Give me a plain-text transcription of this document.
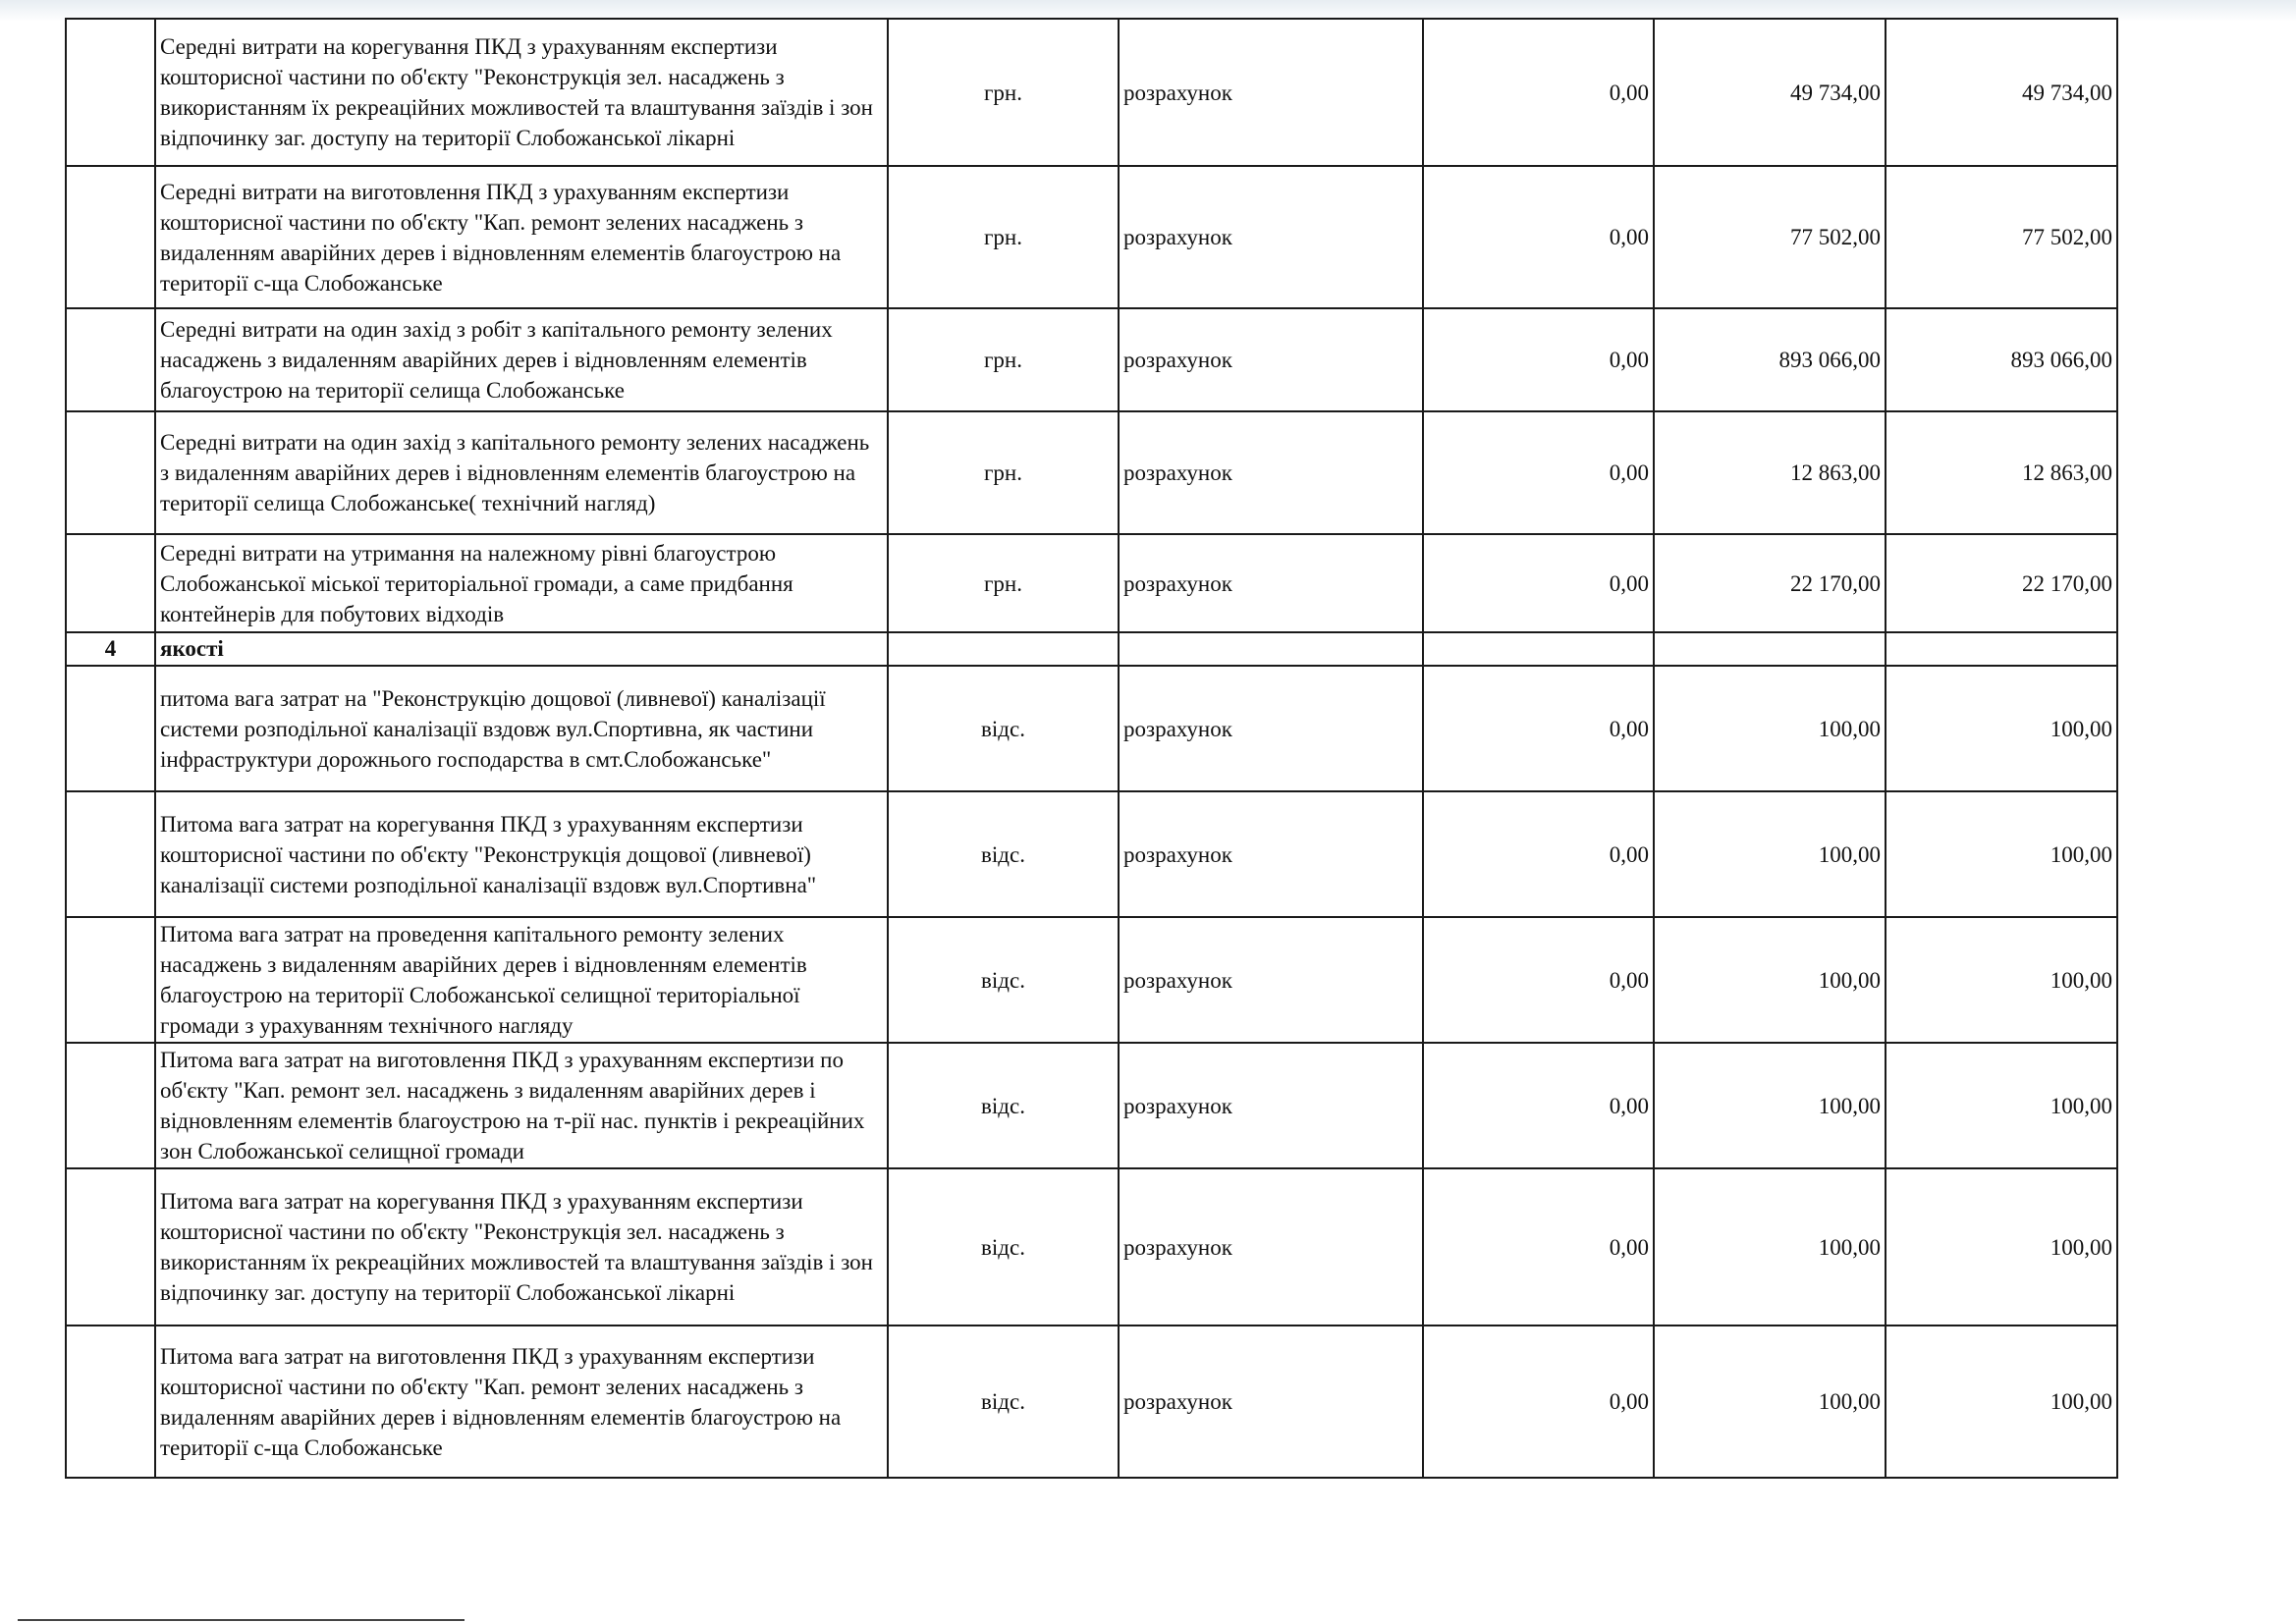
	Середні витрати на корегування ПКД з урахуванням експертизи кошторисної частини по об'єкту "Реконструкція зел. насаджень з використанням їх рекреаційних можливостей та влаштування заїздів і зон відпочинку заг. доступу на території Слобожанської лікарні	грн.	розрахунок	0,00	49 734,00	49 734,00
	Середні витрати на виготовлення ПКД з урахуванням експертизи кошторисної частини по об'єкту "Кап. ремонт зелених насаджень з видаленням аварійних дерев і відновленням елементів благоустрою на території с-ща Слобожанське	грн.	розрахунок	0,00	77 502,00	77 502,00
	Середні витрати на один захід з робіт з капітального ремонту зелених насаджень з видаленням аварійних дерев і відновленням елементів благоустрою на території селища Слобожанське	грн.	розрахунок	0,00	893 066,00	893 066,00
	Середні витрати на один захід з капітального ремонту зелених насаджень з видаленням аварійних дерев і відновленням елементів благоустрою на території селища Слобожанське( технічний нагляд)	грн.	розрахунок	0,00	12 863,00	12 863,00
	Середні витрати на утримання на належному рівні благоустрою Слобожанської міської територіальної громади, а саме придбання контейнерів для побутових відходів	грн.	розрахунок	0,00	22 170,00	22 170,00
4	якості					
	питома вага затрат на "Реконструкцію дощової (ливневої) каналізації системи розподільної каналізації вздовж вул.Спортивна, як частини інфраструктури дорожнього господарства в смт.Слобожанське"	відс.	розрахунок	0,00	100,00	100,00
	Питома вага затрат на корегування ПКД з урахуванням експертизи кошторисної частини по об'єкту "Реконструкція дощової (ливневої) каналізації системи розподільної каналізації вздовж вул.Спортивна"	відс.	розрахунок	0,00	100,00	100,00
	Питома вага затрат на проведення капітального ремонту зелених насаджень з видаленням аварійних дерев і відновленням елементів благоустрою на території Слобожанської селищної територіальної громади з урахуванням технічного нагляду	відс.	розрахунок	0,00	100,00	100,00
	Питома вага затрат на виготовлення ПКД з урахуванням експертизи по об'єкту "Кап. ремонт зел. насаджень з видаленням аварійних дерев і відновленням елементів благоустрою на т-рії нас. пунктів і рекреаційних зон Слобожанської селищної громади	відс.	розрахунок	0,00	100,00	100,00
	Питома вага затрат на корегування ПКД з урахуванням експертизи кошторисної частини по об'єкту "Реконструкція зел. насаджень з використанням їх рекреаційних можливостей та влаштування заїздів і зон відпочинку заг. доступу на території Слобожанської лікарні	відс.	розрахунок	0,00	100,00	100,00
	Питома вага затрат на виготовлення ПКД з урахуванням експертизи кошторисної частини по об'єкту "Кап. ремонт зелених насаджень з видаленням аварійних дерев і відновленням елементів благоустрою на території с-ща Слобожанське	відс.	розрахунок	0,00	100,00	100,00
